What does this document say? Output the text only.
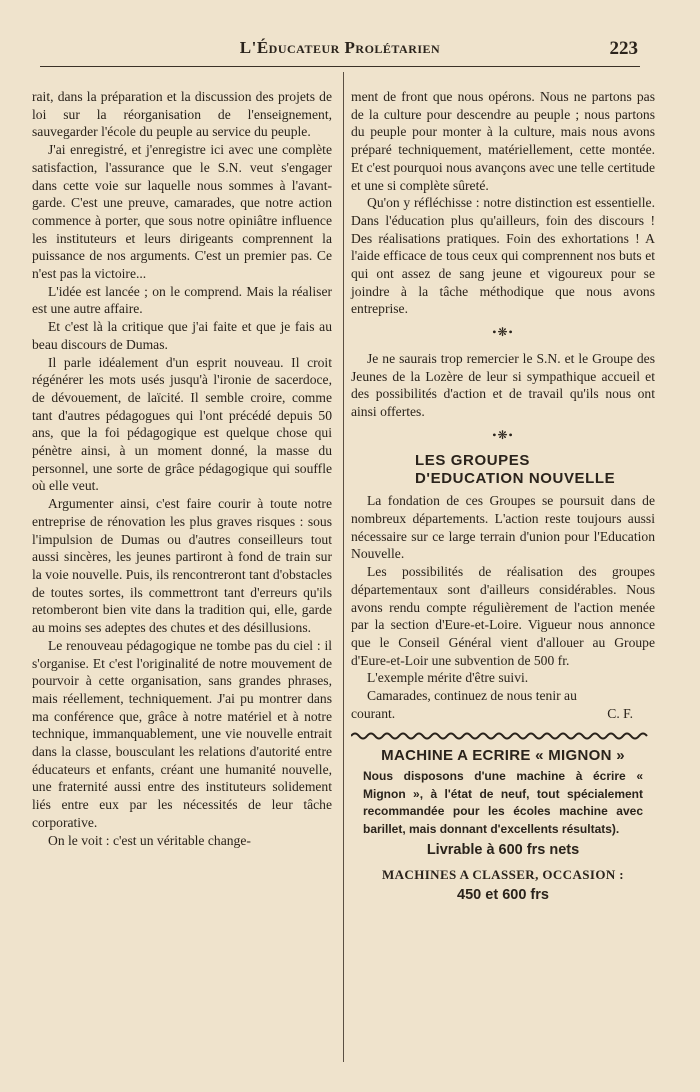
L'Éducateur Prolétarien	223

rait, dans la préparation et la discussion des projets de loi sur la réorganisation de l'enseignement, sauvegarder l'école du peuple au service du peuple.

J'ai enregistré, et j'enregistre ici avec une complète satisfaction, l'assurance que le S.N. veut s'engager dans cette voie sur laquelle nous sommes à l'avant-garde. C'est une preuve, camarades, que notre action commence à porter, que sous notre opiniâtre influence les instituteurs et leurs dirigeants comprennent la puissance de nos arguments. C'est un premier pas. Ce n'est pas la victoire...

L'idée est lancée ; on le comprend. Mais la réaliser est une autre affaire.

Et c'est là la critique que j'ai faite et que je fais au beau discours de Dumas.

Il parle idéalement d'un esprit nouveau. Il croit régénérer les mots usés jusqu'à l'ironie de sacerdoce, de dévouement, de laïcité. Il semble croire, comme tant d'autres pédagogues qui l'ont précédé depuis 50 ans, que la foi pédagogique est quelque chose qui pénètre ainsi, à un moment donné, la masse du personnel, une sorte de grâce pédagogique qui souffle où elle veut.

Argumenter ainsi, c'est faire courir à toute notre entreprise de rénovation les plus graves risques : sous l'impulsion de Dumas ou d'autres conseilleurs tout aussi sincères, les jeunes partiront à fond de train sur la voie nouvelle. Puis, ils rencontreront tant d'obstacles de toutes sortes, ils commettront tant d'erreurs qu'ils retomberont bien vite dans la tradition qui, elle, garde au moins ses adeptes des chutes et des désillusions.

Le renouveau pédagogique ne tombe pas du ciel : il s'organise. Et c'est l'originalité de notre mouvement de pourvoir à cette organisation, sans grandes phrases, mais réellement, techniquement. J'ai pu montrer dans ma conférence que, grâce à notre matériel et à notre technique, immanquablement, une vie nouvelle entrait dans la classe, bousculant les relations d'autorité entre éducateurs et enfants, créant une humanité nouvelle, une fraternité aussi entre des instituteurs solidement liés entre eux par les nécessités de leur tâche corporative.

On le voit : c'est un véritable change-

ment de front que nous opérons. Nous ne partons pas de la culture pour descendre au peuple ; nous partons du peuple pour monter à la culture, mais nous avons préparé techniquement, matériellement, cette montée. Et c'est pourquoi nous avançons avec une telle certitude et une si complète sûreté.

Qu'on y réfléchisse : notre distinction est essentielle. Dans l'éducation plus qu'ailleurs, foin des discours ! Des réalisations pratiques. Foin des exhortations ! A l'aide efficace de tous ceux qui comprennent nos buts et qui ont assez de sang jeune et vigoureux pour se joindre à la tâche méthodique que nous avons entreprise.

•❋•

Je ne saurais trop remercier le S.N. et le Groupe des Jeunes de la Lozère de leur si sympathique accueil et des possibilités d'action et de travail qu'ils nous ont ainsi offertes.

•❋•
LES GROUPES
D'EDUCATION NOUVELLE

La fondation de ces Groupes se poursuit dans de nombreux départements. L'action reste toujours aussi nécessaire sur ce large terrain d'union pour l'Education Nouvelle.

Les possibilités de réalisation des groupes départementaux sont d'ailleurs considérables. Nous avons rendu compte régulièrement de l'action menée par la section d'Eure-et-Loire. Vigueur nous annonce que le Conseil Général vient d'allouer au Groupe d'Eure-et-Loir une subvention de 500 fr.

L'exemple mérite d'être suivi.

Camarades, continuez de nous tenir au

courant.	C. F.
MACHINE A ECRIRE « MIGNON »
Nous disposons d'une machine à écrire « Mignon », à l'état de neuf, tout spécialement recommandée pour les écoles machine avec barillet, mais donnant d'excellents résultats).
Livrable à 600 frs nets
MACHINES A CLASSER, OCCASION :
450 et 600 frs
